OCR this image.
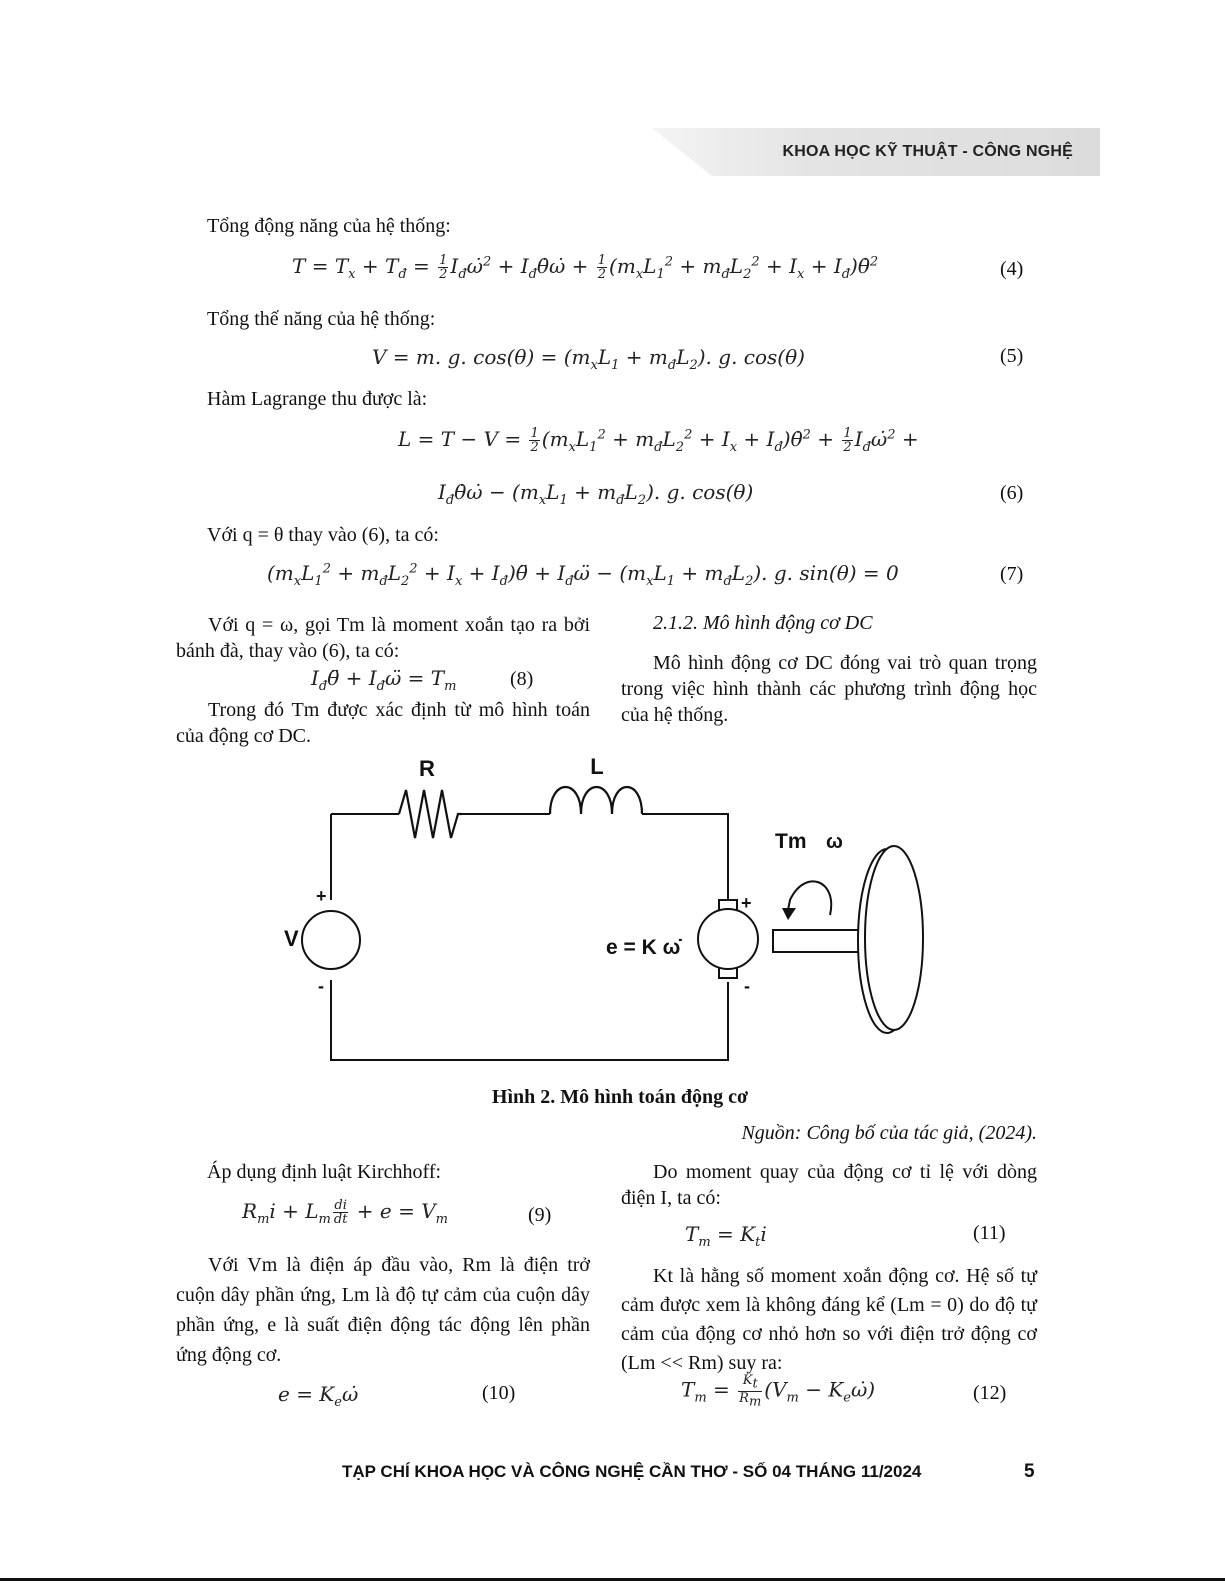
KHOA HỌC KỸ THUẬT - CÔNG NGHỆ
Tổng động năng của hệ thống:
$T = T_x + T_đ = \frac{1}{2}$ $I_đ\omegȧ^2$ + $I_đ\thetȧ\omegȧ + \frac{1}{2} (m_xL_1^2 + m_đL_2^2 + I_x$ + $I_đ)\thetȧ^2$	(4)
Tổng thế năng của hệ thống:
V = m. g. $\cos(\theta) = (m_xL_1 + m_đL_2)$. g. cos(θ)	(5)
Hàm Lagrange thu được là:
$L = T - V = \frac{1}{2} (m_xL_1^2 + m_đL_2^2 + I_x$ + $I_đ)\thetȧ^2 + \frac{1}{2}$ $I_đ\omegȧ^2$ +
$I_đ\thetȧ\omegȧ - (m_xL_1 + m_đL_2)$. g. cos(θ)	(6)
Với q = θ thay vào (6), ta có:
($m_xL_1^2 + m_đL_2^2 + I_x$ + $I_đ)\thetä$ + $I_đ\omegä - (m_xL_1 + m_đL_2)$. g. sin(θ) = 0	(7)
Với q = ω, gọi Tm là moment xoắn tạo ra bởi bánh đà, thay vào (6), ta có:
$I_đ\thetä$ + $I_đ\omegä = T_m$	(8)
Trong đó Tm được xác định từ mô hình toán của động cơ DC.
2.1.2. Mô hình động cơ DC
Mô hình động cơ DC đóng vai trò quan trọng trong việc hình thành các phương trình động học của hệ thống.
R	L
V
+
-
e = K ω̇
+
-
Tm ω
Hình 2. Mô hình toán động cơ
Nguồn: Công bố của tác giả, (2024).
Áp dụng định luật Kirchhoff:
$R_mi + L_m \frac{di}{dt} + e = V_m$	(9)
Với Vm là điện áp đầu vào, Rm là điện trở cuộn dây phần ứng, Lm là độ tự cảm của cuộn dây phần ứng, e là suất điện động tác động lên phần ứng động cơ.
$e = K_e\omegȧ$	(10)
Do moment quay của động cơ tỉ lệ với dòng điện I, ta có:
$T_m = K_ti$	(11)
Kt là hằng số moment xoắn động cơ. Hệ số tự cảm được xem là không đáng kể (Lm = 0) do độ tự cảm của động cơ nhỏ hơn so với điện trở động cơ (Lm << Rm) suy ra:
$T_m = \frac{K_t}{R_m} (V_m$ − $K_e\omegȧ$)	(12)
TẠP CHÍ KHOA HỌC VÀ CÔNG NGHỆ CẦN THƠ - SỐ 04 THÁNG 11/2024	5
